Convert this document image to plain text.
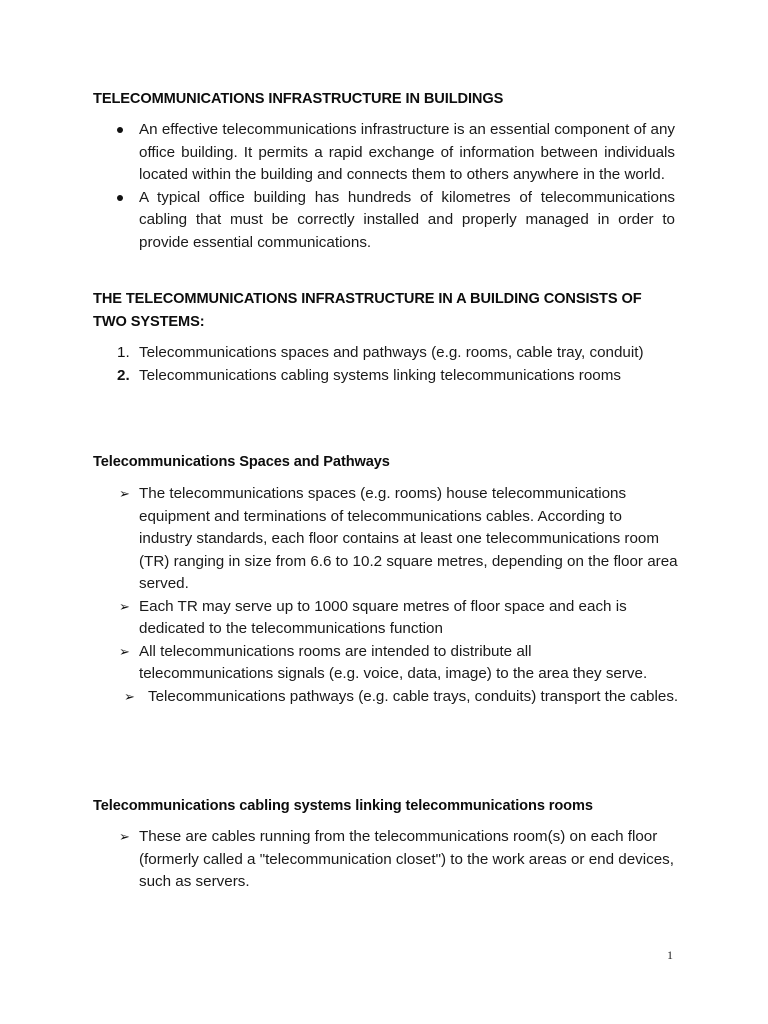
TELECOMMUNICATIONS INFRASTRUCTURE IN BUILDINGS
An effective telecommunications infrastructure is an essential component of any office building. It permits a rapid exchange of information between individuals located within the building and connects them to others anywhere in the world.
A typical office building has hundreds of kilometres of telecommunications cabling that must be correctly installed and properly managed in order to provide essential communications.
THE TELECOMMUNICATIONS INFRASTRUCTURE IN A BUILDING CONSISTS OF TWO SYSTEMS:
1. Telecommunications spaces and pathways (e.g. rooms, cable tray, conduit)
2. Telecommunications cabling systems linking telecommunications rooms
Telecommunications Spaces and Pathways
➢ The telecommunications spaces (e.g. rooms) house telecommunications equipment and terminations of telecommunications cables. According to industry standards, each floor contains at least one telecommunications room (TR) ranging in size from 6.6 to 10.2 square metres, depending on the floor area served.
➢ Each TR may serve up to 1000 square metres of floor space and each is dedicated to the telecommunications function
➢ All telecommunications rooms are intended to distribute all telecommunications signals (e.g. voice, data, image) to the area they serve.
➢ Telecommunications pathways (e.g. cable trays, conduits) transport the cables.
Telecommunications cabling systems linking telecommunications rooms
➢ These are cables running from the telecommunications room(s) on each floor (formerly called a "telecommunication closet") to the work areas or end devices, such as servers.
1
